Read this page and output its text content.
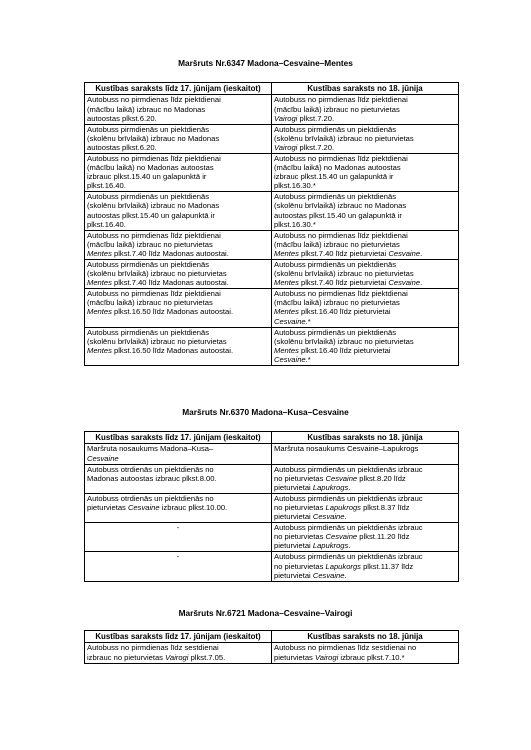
Maršruts Nr.6347 Madona–Cesvaine–Mentes
Kustības saraksts līdz 17. jūnijam (ieskaitot)	Kustības saraksts no 18. jūnija

Autobuss no pirmdienas līdz piektdienai
(mācību laikā) izbrauc no Madonas
autoostas plkst.6.20.	Autobuss no pirmdienas līdz piektdienai
(mācību laikā) izbrauc no pieturvietas
Vairogi plkst.7.20.

Autobuss pirmdienās un piektdienās
(skolēnu brīvlaikā) izbrauc no Madonas
autoostas plkst.6.20.	Autobuss pirmdienās un piektdienās
(skolēnu brīvlaikā) izbrauc no pieturvietas
Vairogi plkst.7.20.

Autobuss no pirmdienas līdz piektdienai
(mācību laikā) no Madonas autoostas
izbrauc plkst.15.40 un galapunktā ir
plkst.16.40.	Autobuss no pirmdienas līdz piektdienai
(mācību laikā) no Madonas autoostas
izbrauc plkst.15.40 un galapunktā ir
plkst.16.30.*

Autobuss pirmdienās un piektdienās
(skolēnu brīvlaikā) izbrauc no Madonas
autoostas plkst.15.40 un galapunktā ir
plkst.16.40.	Autobuss pirmdienās un piektdienās
(skolēnu brīvlaikā) izbrauc no Madonas
autoostas plkst.15.40 un galapunktā ir
plkst.16.30.*

Autobuss no pirmdienas līdz piektdienai
(mācību laikā) izbrauc no pieturvietas
Mentes plkst.7.40 līdz Madonas autoostai.	Autobuss no pirmdienas līdz piektdienai
(mācību laikā) izbrauc no pieturvietas
Mentes plkst.7.40 līdz pieturvietai Cesvaine.

Autobuss pirmdienās un piektdienās
(skolēnu brīvlaikā) izbrauc no pieturvietas
Mentes plkst.7.40 līdz Madonas autoostai.	Autobuss pirmdienās un piektdienās
(skolēnu brīvlaikā) izbrauc no pieturvietas
Mentes plkst.7.40 līdz pieturvietai Cesvaine.

Autobuss no pirmdienas līdz piektdienai
(mācību laikā) izbrauc no pieturvietas
Mentes plkst.16.50 līdz Madonas autoostai.	Autobuss no pirmdienas līdz piektdienai
(mācību laikā) izbrauc no pieturvietas
Mentes plkst.16.40 līdz pieturvietai
Cesvaine.*

Autobuss pirmdienās un piektdienās
(skolēnu brīvlaikā) izbrauc no pieturvietas
Mentes plkst.16.50 līdz Madonas autoostai.	Autobuss pirmdienās un piektdienās
(skolēnu brīvlaikā) izbrauc no pieturvietas
Mentes plkst.16.40 līdz pieturvietai
Cesvaine.*
Maršruts Nr.6370 Madona–Kusa–Cesvaine
Kustības saraksts līdz 17. jūnijam (ieskaitot)	Kustības saraksts no 18. jūnija

Maršruta nosaukums Madona–Kusa–
Cesvaine	Maršruta nosaukums Cesvaine–Lapukrogs

Autobuss otrdienās un piektdienās no
Madonas autoostas izbrauc plkst.8.00.	Autobuss pirmdienās un piektdienās izbrauc
no pieturvietas Cesvaine plkst.8.20 līdz
pieturvietai Lapukrogs.

Autobuss otrdienās un piektdienās no
pieturvietas Cesvaine izbrauc plkst.10.00.	Autobuss pirmdienās un piektdienās izbrauc
no pieturvietas Lapukrogs plkst.8.37 līdz
pieturvietai Cesvaine.

-	Autobuss pirmdienās un piektdienās izbrauc
no pieturvietas Cesvaine plkst.11.20 līdz
pieturvietai Lapukrogs.

-	Autobuss pirmdienās un piektdienās izbrauc
no pieturvietas Lapukorgs plkst.11.37 līdz
pieturvietai Cesvaine.
Maršruts Nr.6721 Madona–Cesvaine–Vairogi
Kustības saraksts līdz 17. jūnijam (ieskaitot)	Kustības saraksts no 18. jūnija

Autobuss no pirmdienas līdz sestdienai
izbrauc no pieturvietas Vairogi plkst.7.05.	Autobuss no pirmdienas līdz sestdienai no
pieturvietas Vairogi izbrauc plkst.7.10.*
